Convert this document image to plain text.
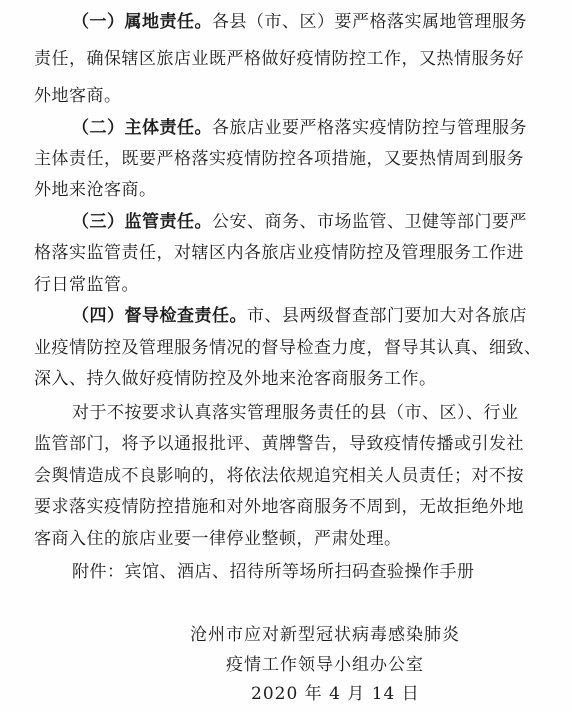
（一）属地责任。各县（市、区）要严格落实属地管理服务
责任，确保辖区旅店业既严格做好疫情防控工作，又热情服务好
外地客商。
（二）主体责任。各旅店业要严格落实疫情防控与管理服务
主体责任，既要严格落实疫情防控各项措施，又要热情周到服务
外地来沧客商。
（三）监管责任。公安、商务、市场监管、卫健等部门要严
格落实监管责任，对辖区内各旅店业疫情防控及管理服务工作进
行日常监管。
（四）督导检查责任。市、县两级督查部门要加大对各旅店
业疫情防控及管理服务情况的督导检查力度，督导其认真、细致、
深入、持久做好疫情防控及外地来沧客商服务工作。
对于不按要求认真落实管理服务责任的县（市、区）、行业
监管部门，将予以通报批评、黄牌警告，导致疫情传播或引发社
会舆情造成不良影响的，将依法依规追究相关人员责任；对不按
要求落实疫情防控措施和对外地客商服务不周到，无故拒绝外地
客商入住的旅店业要一律停业整顿，严肃处理。
附件：宾馆、酒店、招待所等场所扫码查验操作手册
沧州市应对新型冠状病毒感染肺炎
疫情工作领导小组办公室
2020 年 4 月 14 日
